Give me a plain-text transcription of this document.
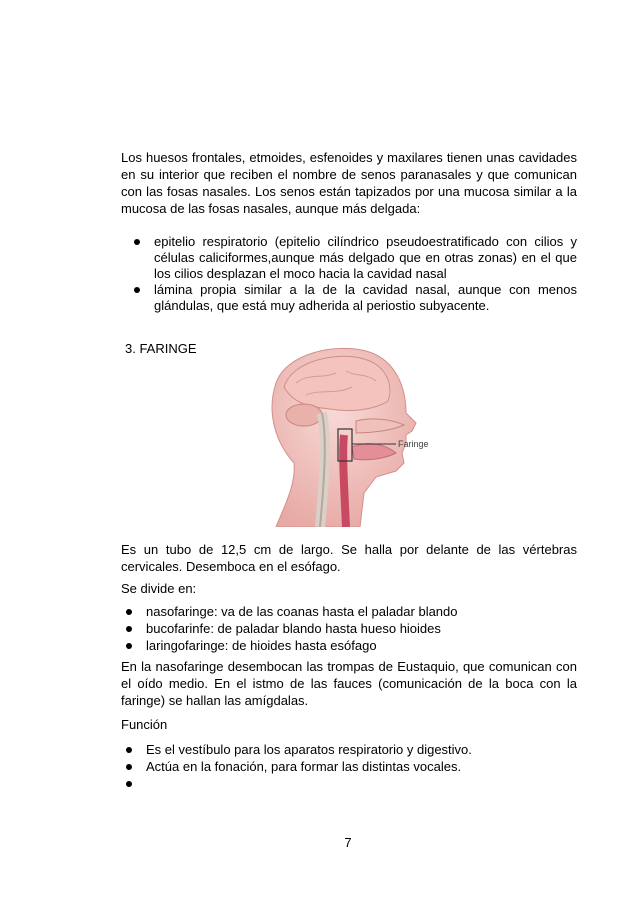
Los huesos frontales, etmoides, esfenoides y maxilares tienen unas cavidades en su interior que reciben el nombre de senos paranasales y que comunican con las fosas nasales. Los senos están tapizados por una mucosa similar a la mucosa de las fosas nasales, aunque más delgada:

epitelio respiratorio (epitelio cilíndrico pseudoestratificado con cilios y células caliciformes,aunque más delgado que en otras zonas) en el que los cilios desplazan el moco hacia la cavidad nasal
lámina propia similar a la de la cavidad nasal, aunque con menos glándulas, que está muy adherida al periostio subyacente.

3. FARINGE

Faringe

Es un tubo de 12,5 cm de largo. Se halla por delante de las vértebras cervicales. Desemboca en el esófago.

Se divide en:

nasofaringe: va de las coanas hasta el paladar blando
bucofarinfe: de paladar blando hasta hueso hioides
laringofaringe: de hioides hasta esófago

En la nasofaringe desembocan las trompas de Eustaquio, que comunican con el oído medio. En el istmo de las fauces (comunicación de la boca con la faringe) se hallan las amígdalas.

Función

Es el vestíbulo para los aparatos respiratorio y digestivo.
Actúa en la fonación, para formar las distintas vocales.
7
